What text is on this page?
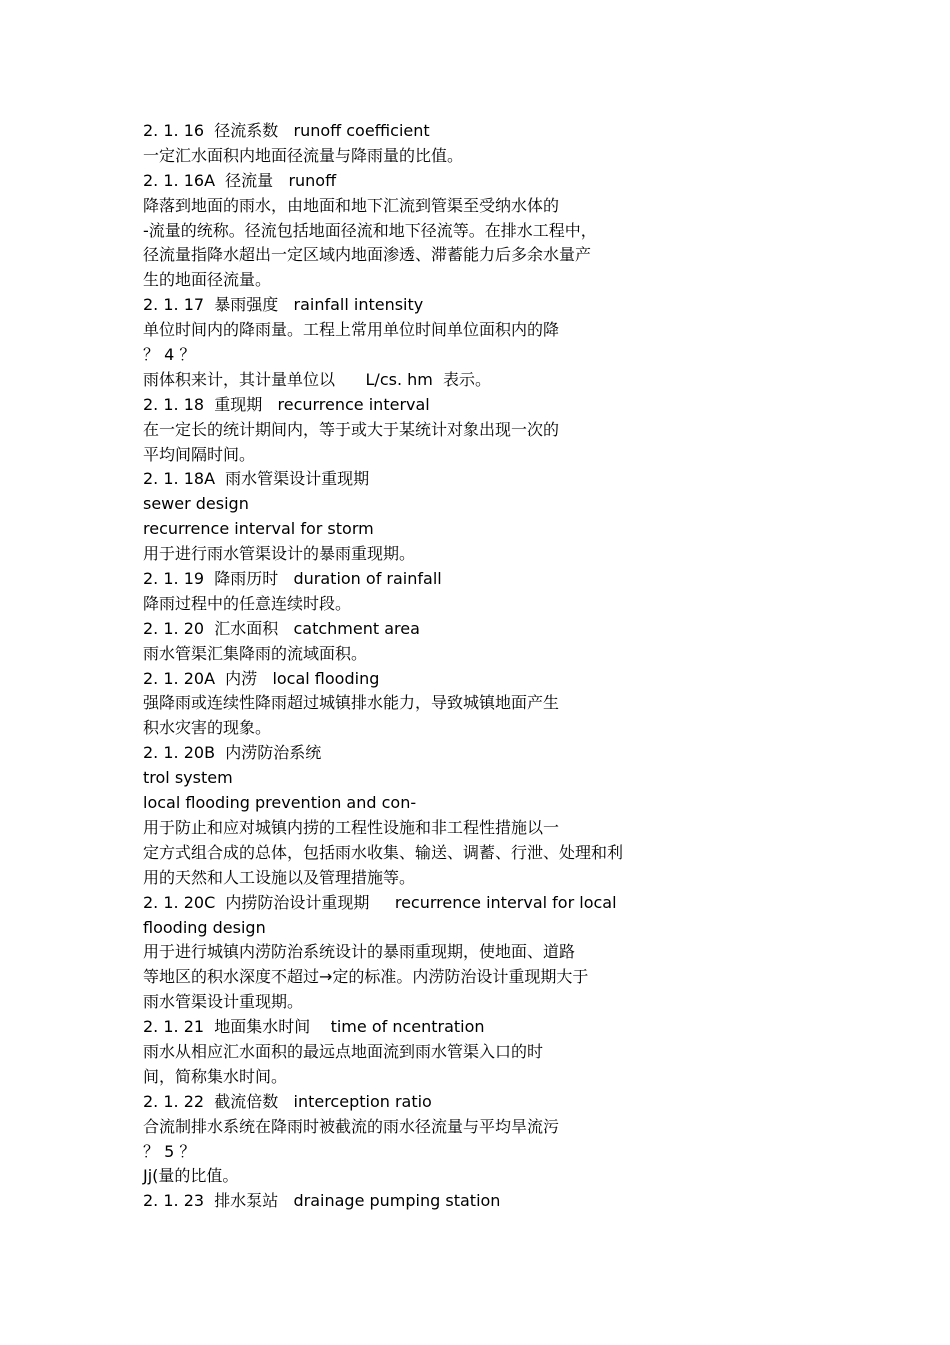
2. 1. 16  径流系数   runoff coefficient
一定汇水面积内地面径流量与降雨量的比值。
2. 1. 16A  径流量   runoff
降落到地面的雨水，由地面和地下汇流到管渠至受纳水体的
-流量的统称。径流包括地面径流和地下径流等。在排水工程中，
径流量指降水超出一定区域内地面渗透、滞蓄能力后多余水量产
生的地面径流量。
2. 1. 17  暴雨强度   rainfall intensity
单位时间内的降雨量。工程上常用单位时间单位面积内的降
？ 4 ？
雨体积来计，其计量单位以      L/cs. hm  表示。
2. 1. 18  重现期   recurrence interval
在一定长的统计期间内，等于或大于某统计对象出现一次的
平均间隔时间。
2. 1. 18A  雨水管渠设计重现期
sewer design
recurrence interval for storm
用于进行雨水管渠设计的暴雨重现期。
2. 1. 19  降雨历时   duration of rainfall
降雨过程中的任意连续时段。
2. 1. 20  汇水面积   catchment area
雨水管渠汇集降雨的流域面积。
2. 1. 20A  内涝   local flooding
强降雨或连续性降雨超过城镇排水能力，导致城镇地面产生
积水灾害的现象。
2. 1. 20B  内涝防治系统
trol system
local flooding prevention and con-
用于防止和应对城镇内捞的工程性设施和非工程性措施以一
定方式组合成的总体，包括雨水收集、输送、调蓄、行泄、处理和利
用的天然和人工设施以及管理措施等。
2. 1. 20C  内捞防治设计重现期     recurrence interval for local
flooding design
用于进行城镇内涝防治系统设计的暴雨重现期，使地面、道路
等地区的积水深度不超过→定的标准。内涝防治设计重现期大于
雨水管渠设计重现期。
2. 1. 21  地面集水时间    time of ncentration
雨水从相应汇水面积的最远点地面流到雨水管渠入口的时
间，简称集水时间。
2. 1. 22  截流倍数   interception ratio
合流制排水系统在降雨时被截流的雨水径流量与平均旱流污
？ 5 ？
Jj(量的比值。
2. 1. 23  排水泵站   drainage pumping station
